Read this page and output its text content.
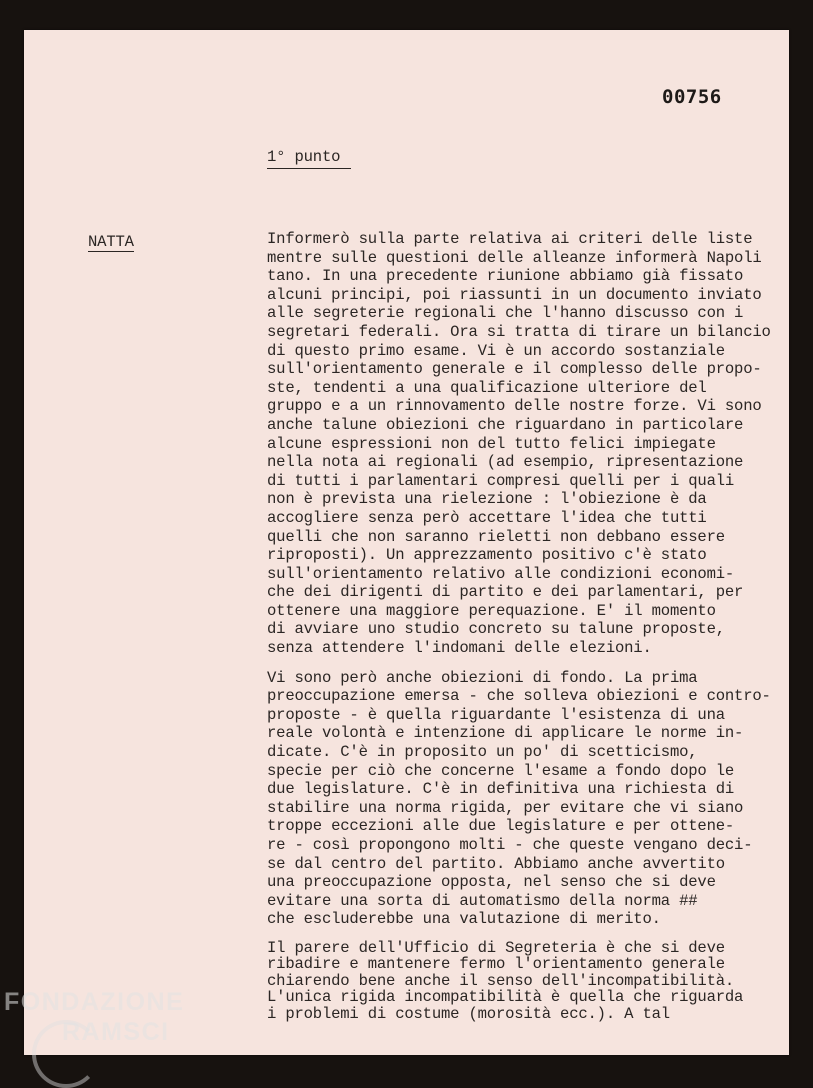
00756
1° punto
NATTA	Informerò sulla parte relativa ai criteri delle liste
mentre sulle questioni delle alleanze informerà Napoli
tano. In una precedente riunione abbiamo già fissato
alcuni principi, poi riassunti in un documento inviato
alle segreterie regionali che l'hanno discusso con i
segretari federali. Ora si tratta di tirare un bilancio
di questo primo esame. Vi è un accordo sostanziale
sull'orientamento generale e il complesso delle propo-
ste, tendenti a una qualificazione ulteriore del
gruppo e a un rinnovamento delle nostre forze. Vi sono
anche talune obiezioni che riguardano in particolare
alcune espressioni non del tutto felici impiegate
nella nota ai regionali (ad esempio, ripresentazione
di tutti i parlamentari compresi quelli per i quali
non è prevista una rielezione : l'obiezione è da
accogliere senza però accettare l'idea che tutti
quelli che non saranno rieletti non debbano essere
riproposti). Un apprezzamento positivo c'è stato
sull'orientamento relativo alle condizioni economi-
che dei dirigenti di partito e dei parlamentari, per
ottenere una maggiore perequazione. E' il momento
di avviare uno studio concreto su talune proposte,
senza attendere l'indomani delle elezioni.

Vi sono però anche obiezioni di fondo. La prima
preoccupazione emersa - che solleva obiezioni e contro-
proposte - è quella riguardante l'esistenza di una
reale volontà e intenzione di applicare le norme in-
dicate. C'è in proposito un po' di scetticismo,
specie per ciò che concerne l'esame a fondo dopo le
due legislature. C'è in definitiva una richiesta di
stabilire una norma rigida, per evitare che vi siano
troppe eccezioni alle due legislature e per ottene-
re - così propongono molti - che queste vengano deci-
se dal centro del partito. Abbiamo anche avvertito
una preoccupazione opposta, nel senso che si deve
evitare una sorta di automatismo della norma ##
che escluderebbe una valutazione di merito.

Il parere dell'Ufficio di Segreteria è che si deve
ribadire e mantenere fermo l'orientamento generale
chiarendo bene anche il senso dell'incompatibilità.
L'unica rigida incompatibilità è quella che riguarda
i problemi di costume (morosità ecc.). A tal

FONDAZIONE
RAMSCI
